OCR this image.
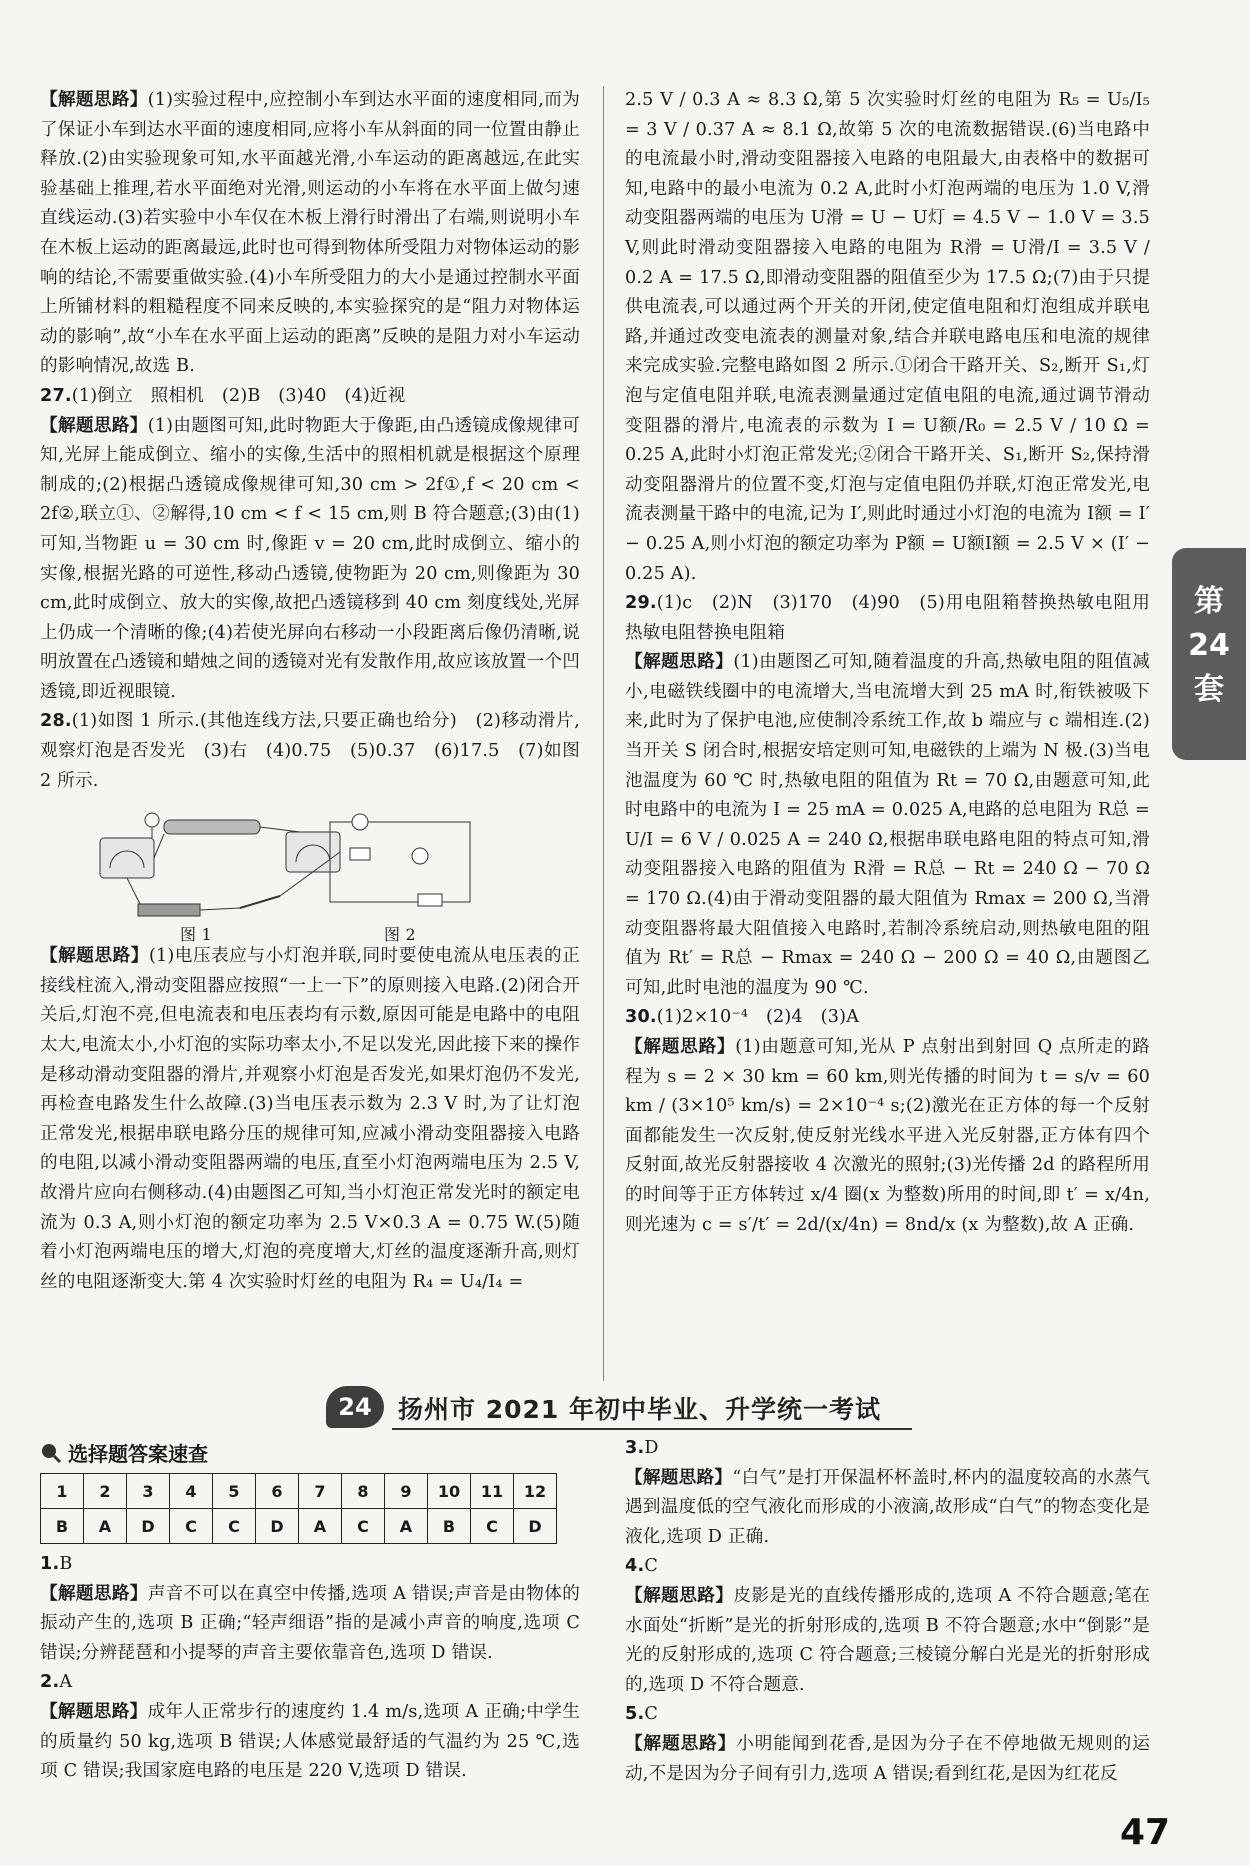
【解题思路】(1)实验过程中,应控制小车到达水平面的速度相同,而为了保证小车到达水平面的速度相同,应将小车从斜面的同一位置由静止释放.(2)由实验现象可知,水平面越光滑,小车运动的距离越远,在此实验基础上推理,若水平面绝对光滑,则运动的小车将在水平面上做匀速直线运动.(3)若实验中小车仅在木板上滑行时滑出了右端,则说明小车在木板上运动的距离最远,此时也可得到物体所受阻力对物体运动的影响的结论,不需要重做实验.(4)小车所受阻力的大小是通过控制水平面上所铺材料的粗糙程度不同来反映的,本实验探究的是“阻力对物体运动的影响”,故“小车在水平面上运动的距离”反映的是阻力对小车运动的影响情况,故选 B.

27.(1)倒立　照相机　(2)B　(3)40　(4)近视

【解题思路】(1)由题图可知,此时物距大于像距,由凸透镜成像规律可知,光屏上能成倒立、缩小的实像,生活中的照相机就是根据这个原理制成的;(2)根据凸透镜成像规律可知,30 cm > 2f①,f < 20 cm < 2f②,联立①、②解得,10 cm < f < 15 cm,则 B 符合题意;(3)由(1)可知,当物距 u = 30 cm 时,像距 v = 20 cm,此时成倒立、缩小的实像,根据光路的可逆性,移动凸透镜,使物距为 20 cm,则像距为 30 cm,此时成倒立、放大的实像,故把凸透镜移到 40 cm 刻度线处,光屏上仍成一个清晰的像;(4)若使光屏向右移动一小段距离后像仍清晰,说明放置在凸透镜和蜡烛之间的透镜对光有发散作用,故应该放置一个凹透镜,即近视眼镜.

28.(1)如图 1 所示.(其他连线方法,只要正确也给分)　(2)移动滑片,观察灯泡是否发光　(3)右　(4)0.75　(5)0.37　(6)17.5　(7)如图 2 所示.

图 1	图 2

【解题思路】(1)电压表应与小灯泡并联,同时要使电流从电压表的正接线柱流入,滑动变阻器应按照“一上一下”的原则接入电路.(2)闭合开关后,灯泡不亮,但电流表和电压表均有示数,原因可能是电路中的电阻太大,电流太小,小灯泡的实际功率太小,不足以发光,因此接下来的操作是移动滑动变阻器的滑片,并观察小灯泡是否发光,如果灯泡仍不发光,再检查电路发生什么故障.(3)当电压表示数为 2.3 V 时,为了让灯泡正常发光,根据串联电路分压的规律可知,应减小滑动变阻器接入电路的电阻,以减小滑动变阻器两端的电压,直至小灯泡两端电压为 2.5 V,故滑片应向右侧移动.(4)由题图乙可知,当小灯泡正常发光时的额定电流为 0.3 A,则小灯泡的额定功率为 2.5 V×0.3 A = 0.75 W.(5)随着小灯泡两端电压的增大,灯泡的亮度增大,灯丝的温度逐渐升高,则灯丝的电阻逐渐变大.第 4 次实验时灯丝的电阻为 R₄ = U₄/I₄ =

2.5 V / 0.3 A ≈ 8.3 Ω,第 5 次实验时灯丝的电阻为 R₅ = U₅/I₅ = 3 V / 0.37 A ≈ 8.1 Ω,故第 5 次的电流数据错误.(6)当电路中的电流最小时,滑动变阻器接入电路的电阻最大,由表格中的数据可知,电路中的最小电流为 0.2 A,此时小灯泡两端的电压为 1.0 V,滑动变阻器两端的电压为 U滑 = U − U灯 = 4.5 V − 1.0 V = 3.5 V,则此时滑动变阻器接入电路的电阻为 R滑 = U滑/I = 3.5 V / 0.2 A = 17.5 Ω,即滑动变阻器的阻值至少为 17.5 Ω;(7)由于只提供电流表,可以通过两个开关的开闭,使定值电阻和灯泡组成并联电路,并通过改变电流表的测量对象,结合并联电路电压和电流的规律来完成实验.完整电路如图 2 所示.①闭合干路开关、S₂,断开 S₁,灯泡与定值电阻并联,电流表测量通过定值电阻的电流,通过调节滑动变阻器的滑片,电流表的示数为 I = U额/R₀ = 2.5 V / 10 Ω = 0.25 A,此时小灯泡正常发光;②闭合干路开关、S₁,断开 S₂,保持滑动变阻器滑片的位置不变,灯泡与定值电阻仍并联,灯泡正常发光,电流表测量干路中的电流,记为 I′,则此时通过小灯泡的电流为 I额 = I′ − 0.25 A,则小灯泡的额定功率为 P额 = U额I额 = 2.5 V × (I′ − 0.25 A).

29.(1)c　(2)N　(3)170　(4)90　(5)用电阻箱替换热敏电阻用热敏电阻替换电阻箱

【解题思路】(1)由题图乙可知,随着温度的升高,热敏电阻的阻值减小,电磁铁线圈中的电流增大,当电流增大到 25 mA 时,衔铁被吸下来,此时为了保护电池,应使制冷系统工作,故 b 端应与 c 端相连.(2)当开关 S 闭合时,根据安培定则可知,电磁铁的上端为 N 极.(3)当电池温度为 60 ℃ 时,热敏电阻的阻值为 Rt = 70 Ω,由题意可知,此时电路中的电流为 I = 25 mA = 0.025 A,电路的总电阻为 R总 = U/I = 6 V / 0.025 A = 240 Ω,根据串联电路电阻的特点可知,滑动变阻器接入电路的阻值为 R滑 = R总 − Rt = 240 Ω − 70 Ω = 170 Ω.(4)由于滑动变阻器的最大阻值为 Rmax = 200 Ω,当滑动变阻器将最大阻值接入电路时,若制冷系统启动,则热敏电阻的阻值为 Rt′ = R总 − Rmax = 240 Ω − 200 Ω = 40 Ω,由题图乙可知,此时电池的温度为 90 ℃.

30.(1)2×10⁻⁴　(2)4　(3)A

【解题思路】(1)由题意可知,光从 P 点射出到射回 Q 点所走的路程为 s = 2 × 30 km = 60 km,则光传播的时间为 t = s/v = 60 km / (3×10⁵ km/s) = 2×10⁻⁴ s;(2)激光在正方体的每一个反射面都能发生一次反射,使反射光线水平进入光反射器,正方体有四个反射面,故光反射器接收 4 次激光的照射;(3)光传播 2d 的路程所用的时间等于正方体转过 x/4 圈(x 为整数)所用的时间,即 t′ = x/4n,则光速为 c = s′/t′ = 2d/(x/4n) = 8nd/x (x 为整数),故 A 正确.

第
24
套
24	扬州市 2021 年初中毕业、升学统一考试
选择题答案速查
1	2	3	4	5	6	7	8	9	10	11	12
B	A	D	C	C	D	A	C	A	B	C	D

1.B

【解题思路】声音不可以在真空中传播,选项 A 错误;声音是由物体的振动产生的,选项 B 正确;“轻声细语”指的是减小声音的响度,选项 C 错误;分辨琵琶和小提琴的声音主要依靠音色,选项 D 错误.

2.A

【解题思路】成年人正常步行的速度约 1.4 m/s,选项 A 正确;中学生的质量约 50 kg,选项 B 错误;人体感觉最舒适的气温约为 25 ℃,选项 C 错误;我国家庭电路的电压是 220 V,选项 D 错误.

3.D

【解题思路】“白气”是打开保温杯杯盖时,杯内的温度较高的水蒸气遇到温度低的空气液化而形成的小液滴,故形成“白气”的物态变化是液化,选项 D 正确.

4.C

【解题思路】皮影是光的直线传播形成的,选项 A 不符合题意;笔在水面处“折断”是光的折射形成的,选项 B 不符合题意;水中“倒影”是光的反射形成的,选项 C 符合题意;三棱镜分解白光是光的折射形成的,选项 D 不符合题意.

5.C

【解题思路】小明能闻到花香,是因为分子在不停地做无规则的运动,不是因为分子间有引力,选项 A 错误;看到红花,是因为红花反

47
